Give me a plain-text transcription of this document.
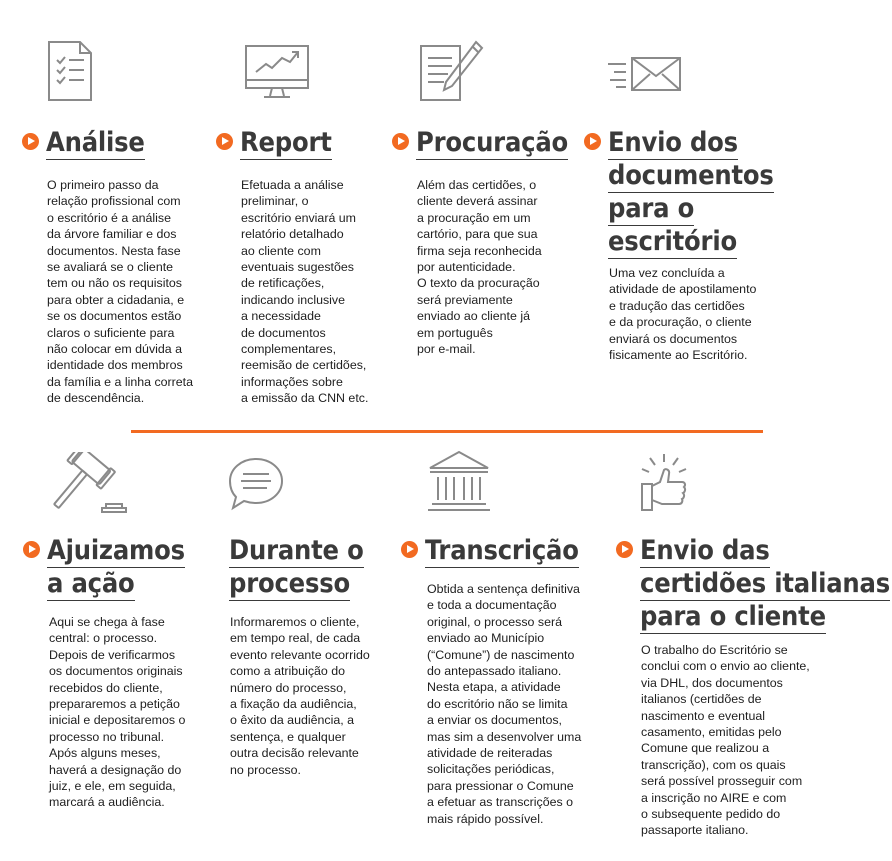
Análise	Report	Procuração Envio dos
documentos
para o
escritório
O primeiro passo da
relação profissional com
o escritório é a análise
da árvore familiar e dos
documentos. Nesta fase
se avaliará se o cliente
tem ou não os requisitos
para obter a cidadania, e
se os documentos estão
claros o suficiente para
não colocar em dúvida a
identidade dos membros
da família e a linha correta
de descendência.
Efetuada a análise
preliminar, o
escritório enviará um
relatório detalhado
ao cliente com
eventuais sugestões
de retificações,
indicando inclusive
a necessidade
de documentos
complementares,
reemisão de certidões,
informações sobre
a emissão da CNN etc.
Além das certidões, o
cliente deverá assinar
a procuração em um
cartório, para que sua
firma seja reconhecida
por autenticidade.
O texto da procuração
será previamente
enviado ao cliente já
em português
por e-mail.
Uma vez concluída a
atividade de apostilamento
e tradução das certidões
e da procuração, o cliente
enviará os documentos
fisicamente ao Escritório.
Ajuizamos
a ação
Durante o
processo
Transcrição Envio das
certidões italianas
para o cliente
Aqui se chega à fase
central: o processo.
Depois de verificarmos
os documentos originais
recebidos do cliente,
prepararemos a petição
inicial e depositaremos o
processo no tribunal.
Após alguns meses,
haverá a designação do
juiz, e ele, em seguida,
marcará a audiência.
Informaremos o cliente,
em tempo real, de cada
evento relevante ocorrido
como a atribuição do
número do processo,
a fixação da audiência,
o êxito da audiência, a
sentença, e qualquer
outra decisão relevante
no processo.
Obtida a sentença definitiva
e toda a documentação
original, o processo será
enviado ao Município
(“Comune”) de nascimento
do antepassado italiano.
Nesta etapa, a atividade
do escritório não se limita
a enviar os documentos,
mas sim a desenvolver uma
atividade de reiteradas
solicitações periódicas,
para pressionar o Comune
a efetuar as transcrições o
mais rápido possível.
O trabalho do Escritório se
conclui com o envio ao cliente,
via DHL, dos documentos
italianos (certidões de
nascimento e eventual
casamento, emitidas pelo
Comune que realizou a
transcrição), com os quais
será possível prosseguir com
a inscrição no AIRE e com
o subsequente pedido do
passaporte italiano.
